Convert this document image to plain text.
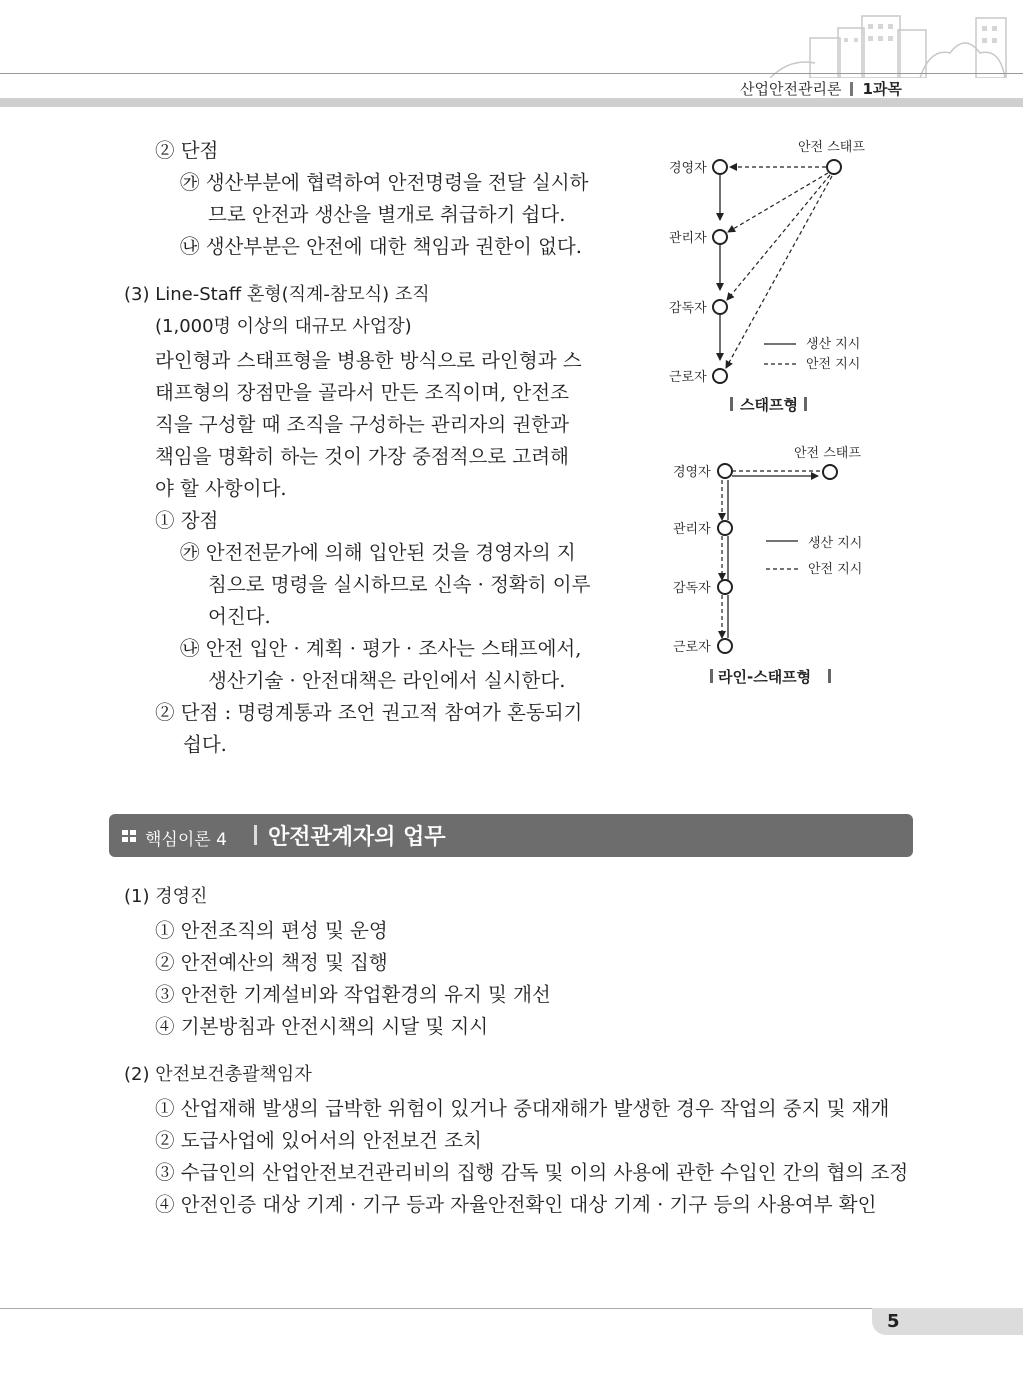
산업안전관리론 1과목
② 단점
㉮ 생산부분에 협력하여 안전명령을 전달 실시하
므로 안전과 생산을 별개로 취급하기 쉽다.
㉯ 생산부분은 안전에 대한 책임과 권한이 없다.
(3) Line-Staff 혼형(직계-참모식) 조직
(1,000명 이상의 대규모 사업장)
라인형과 스태프형을 병용한 방식으로 라인형과 스
태프형의 장점만을 골라서 만든 조직이며, 안전조
직을 구성할 때 조직을 구성하는 관리자의 권한과
책임을 명확히 하는 것이 가장 중점적으로 고려해
야 할 사항이다.
① 장점
㉮ 안전전문가에 의해 입안된 것을 경영자의 지
침으로 명령을 실시하므로 신속 · 정확히 이루
어진다.
㉯ 안전 입안 · 계획 · 평가 · 조사는 스태프에서,
생산기술 · 안전대책은 라인에서 실시한다.
② 단점 : 명령계통과 조언 권고적 참여가 혼동되기
쉽다.
안전 스태프
경영자
관리자
감독자
근로자
생산 지시
안전 지시
스태프형
안전 스태프
경영자
관리자
감독자
근로자
생산 지시
안전 지시
라인-스태프형
핵심이론 4 안전관계자의 업무
(1) 경영진
① 안전조직의 편성 및 운영
② 안전예산의 책정 및 집행
③ 안전한 기계설비와 작업환경의 유지 및 개선
④ 기본방침과 안전시책의 시달 및 지시
(2) 안전보건총괄책임자
① 산업재해 발생의 급박한 위험이 있거나 중대재해가 발생한 경우 작업의 중지 및 재개
② 도급사업에 있어서의 안전보건 조치
③ 수급인의 산업안전보건관리비의 집행 감독 및 이의 사용에 관한 수입인 간의 협의 조정
④ 안전인증 대상 기계 · 기구 등과 자율안전확인 대상 기계 · 기구 등의 사용여부 확인
5
